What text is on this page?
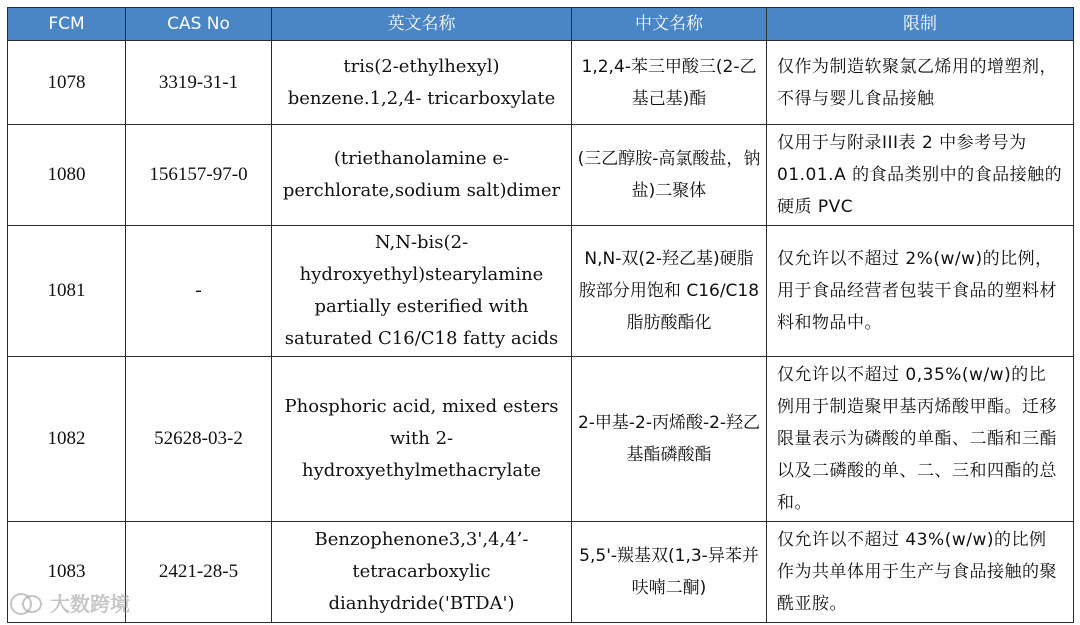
FCM	CAS No	英文名称	中文名称	限制
1078	3319-31-1	tris(2-ethylhexyl) benzene.1,2,4- tricarboxylate	1,2,4-苯三甲酸三(2-乙基己基)酯	仅作为制造软聚氯乙烯用的增塑剂，不得与婴儿食品接触
1080	156157-97-0	(triethanolamine e-perchlorate,sodium salt)dimer	(三乙醇胺-高氯酸盐，钠盐)二聚体	仅用于与附录III表 2 中参考号为 01.01.A 的食品类别中的食品接触的硬质 PVC
1081	-	N,N-bis(2- hydroxyethyl)stearylamine partially esterified with saturated C16/C18 fatty acids	N,N-双(2-羟乙基)硬脂胺部分用饱和 C16/C18 脂肪酸酯化	仅允许以不超过 2%(w/w)的比例，用于食品经营者包装干食品的塑料材料和物品中。
1082	52628-03-2	Phosphoric acid, mixed esters with 2-hydroxyethylmethacrylate	2-甲基-2-丙烯酸-2-羟乙基酯磷酸酯	仅允许以不超过 0,35%(w/w)的比例用于制造聚甲基丙烯酸甲酯。迁移限量表示为磷酸的单酯、二酯和三酯以及二磷酸的单、二、三和四酯的总和。
1083	2421-28-5	Benzophenone3,3',4,4’-tetracarboxylic dianhydride('BTDA')	5,5'-羰基双(1,3-异苯并呋喃二酮)	仅允许以不超过 43%(w/w)的比例作为共单体用于生产与食品接触的聚酰亚胺。
大数跨境
